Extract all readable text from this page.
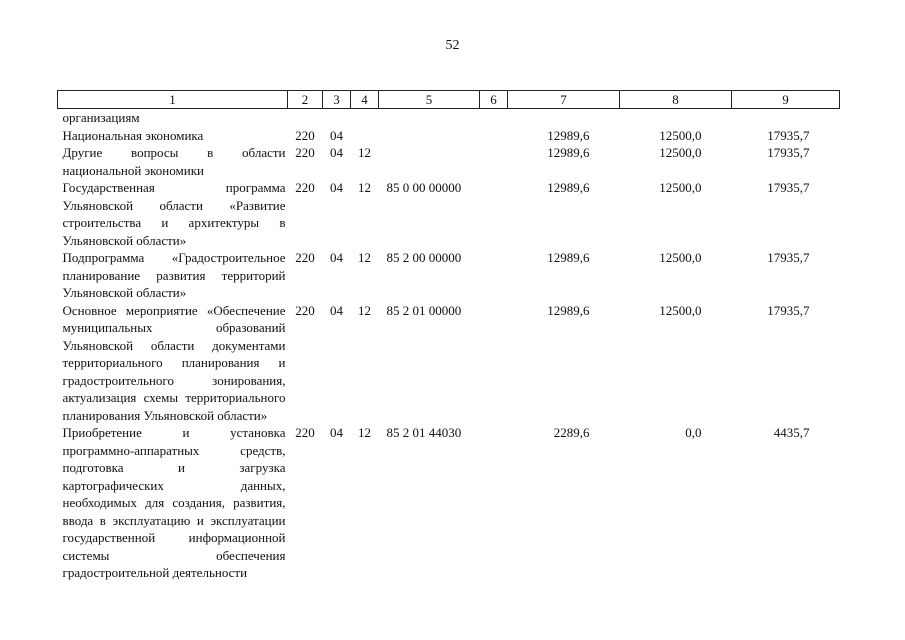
52
1	2	3	4	5	6	7	8	9
организациям								
Национальная экономика	220	04				12989,6	12500,0	17935,7
Другие вопросы в области национальной экономики	220	04	12			12989,6	12500,0	17935,7
Государственная программа Ульяновской области «Развитие строительства и архитектуры в Ульяновской области»	220	04	12	85 0 00 00000		12989,6	12500,0	17935,7
Подпрограмма «Градостроительное планирование развития территорий Ульяновской области»	220	04	12	85 2 00 00000		12989,6	12500,0	17935,7
Основное мероприятие «Обеспечение муниципальных образований Ульяновской области документами территориального планирования и градостроительного зонирования, актуализация схемы территориального планирования Ульяновской области»	220	04	12	85 2 01 00000		12989,6	12500,0	17935,7
Приобретение и установка программно-аппаратных средств, подготовка и загрузка картографических данных, необходимых для создания, развития, ввода в эксплуатацию и эксплуатации государственной информационной системы обеспечения градостроительной деятельности	220	04	12	85 2 01 44030		2289,6	0,0	4435,7
